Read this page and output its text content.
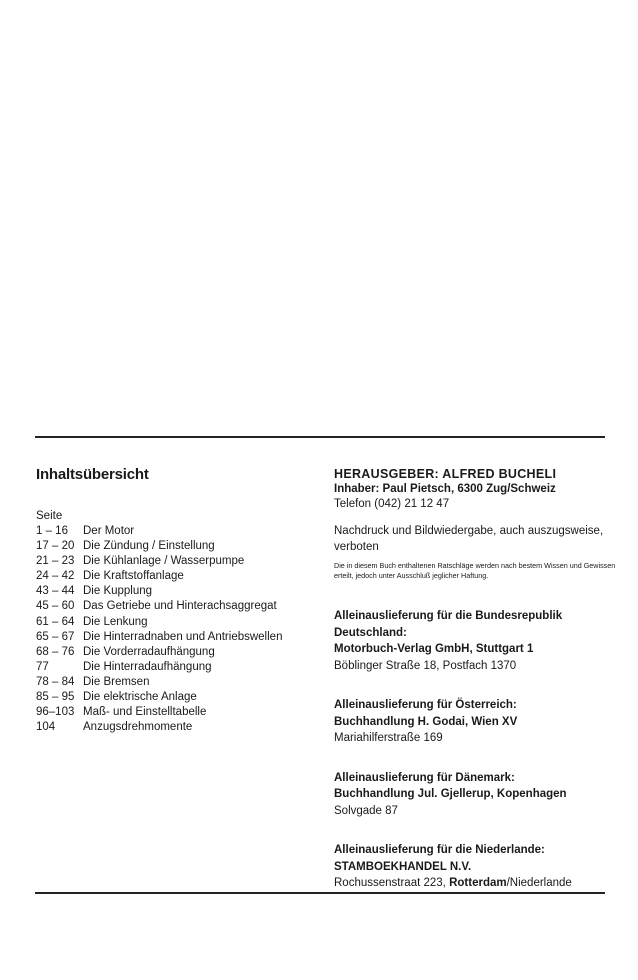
Inhaltsübersicht
Seite
1 – 16	Der Motor
17 – 20 Die Zündung / Einstellung
21 – 23 Die Kühlanlage / Wasserpumpe
24 – 42 Die Kraftstoffanlage
43 – 44 Die Kupplung
45 – 60 Das Getriebe und Hinterachsaggregat
61 – 64 Die Lenkung
65 – 67 Die Hinterradnaben und Antriebswellen
68 – 76 Die Vorderradaufhängung
77	Die Hinterradaufhängung
78 – 84 Die Bremsen
85 – 95 Die elektrische Anlage
96–103 Maß- und Einstelltabelle
104	Anzugsdrehmomente
HERAUSGEBER: ALFRED BUCHELI
Inhaber: Paul Pietsch, 6300 Zug/Schweiz
Telefon (042) 21 12 47
Nachdruck und Bildwiedergabe, auch auszugsweise, verboten
Die in diesem Buch enthaltenen Ratschläge werden nach bestem Wissen und Gewissen erteilt, jedoch unter Ausschluß jeglicher Haftung.
Alleinauslieferung für die Bundesrepublik Deutschland:
Motorbuch-Verlag GmbH, Stuttgart 1
Böblinger Straße 18, Postfach 1370
Alleinauslieferung für Österreich:
Buchhandlung H. Godai, Wien XV
Mariahilferstraße 169
Alleinauslieferung für Dänemark:
Buchhandlung Jul. Gjellerup, Kopenhagen
Solvgade 87
Alleinauslieferung für die Niederlande:
STAMBOEKHANDEL N.V.
Rochussenstraat 223, Rotterdam/Niederlande
